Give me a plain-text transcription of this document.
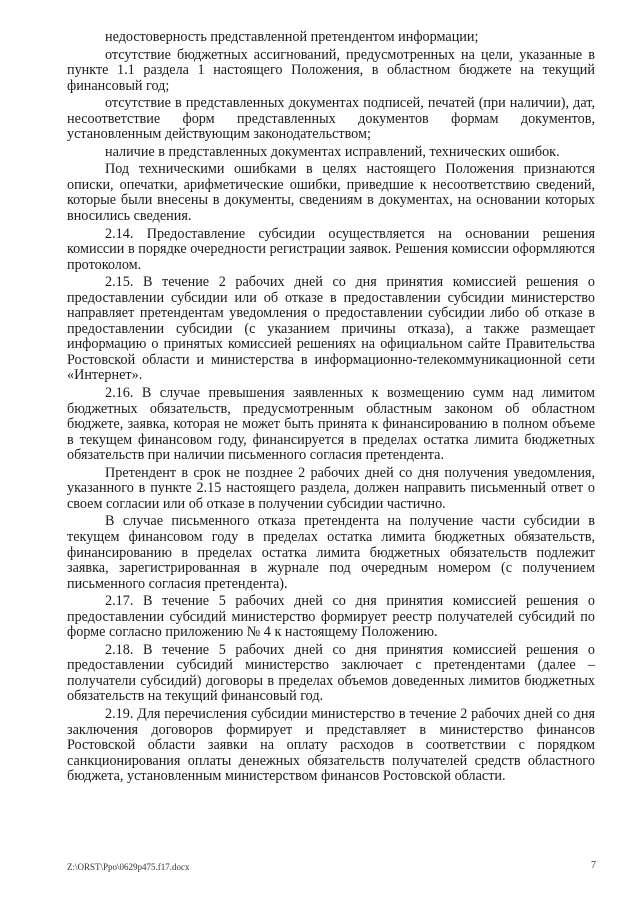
недостоверность представленной претендентом информации;

отсутствие бюджетных ассигнований, предусмотренных на цели, указанные в пункте 1.1 раздела 1 настоящего Положения, в областном бюджете на текущий финансовый год;

отсутствие в представленных документах подписей, печатей (при наличии), дат, несоответствие форм представленных документов формам документов, установленным действующим законодательством;

наличие в представленных документах исправлений, технических ошибок.

Под техническими ошибками в целях настоящего Положения признаются описки, опечатки, арифметические ошибки, приведшие к несоответствию сведений, которые были внесены в документы, сведениям в документах, на основании которых вносились сведения.

2.14. Предоставление субсидии осуществляется на основании решения комиссии в порядке очередности регистрации заявок. Решения комиссии оформляются протоколом.

2.15. В течение 2 рабочих дней со дня принятия комиссией решения о предоставлении субсидии или об отказе в предоставлении субсидии министерство направляет претендентам уведомления о предоставлении субсидии либо об отказе в предоставлении субсидии (с указанием причины отказа), а также размещает информацию о принятых комиссией решениях на официальном сайте Правительства Ростовской области и министерства в информационно-телекоммуникационной сети «Интернет».

2.16. В случае превышения заявленных к возмещению сумм над лимитом бюджетных обязательств, предусмотренным областным законом об областном бюджете, заявка, которая не может быть принята к финансированию в полном объеме в текущем финансовом году, финансируется в пределах остатка лимита бюджетных обязательств при наличии письменного согласия претендента.

Претендент в срок не позднее 2 рабочих дней со дня получения уведомления, указанного в пункте 2.15 настоящего раздела, должен направить письменный ответ о своем согласии или об отказе в получении субсидии частично.

В случае письменного отказа претендента на получение части субсидии в текущем финансовом году в пределах остатка лимита бюджетных обязательств, финансированию в пределах остатка лимита бюджетных обязательств подлежит заявка, зарегистрированная в журнале под очередным номером (с получением письменного согласия претендента).

2.17. В течение 5 рабочих дней со дня принятия комиссией решения о предоставлении субсидий министерство формирует реестр получателей субсидий по форме согласно приложению № 4 к настоящему Положению.

2.18. В течение 5 рабочих дней со дня принятия комиссией решения о предоставлении субсидий министерство заключает с претендентами (далее – получатели субсидий) договоры в пределах объемов доведенных лимитов бюджетных обязательств на текущий финансовый год.

2.19. Для перечисления субсидии министерство в течение 2 рабочих дней со дня заключения договоров формирует и представляет в министерство финансов Ростовской области заявки на оплату расходов в соответствии с порядком санкционирования оплаты денежных обязательств получателей средств областного бюджета, установленным министерством финансов Ростовской области.

Z:\ORST\Ppo\0629p475.f17.docx	7
